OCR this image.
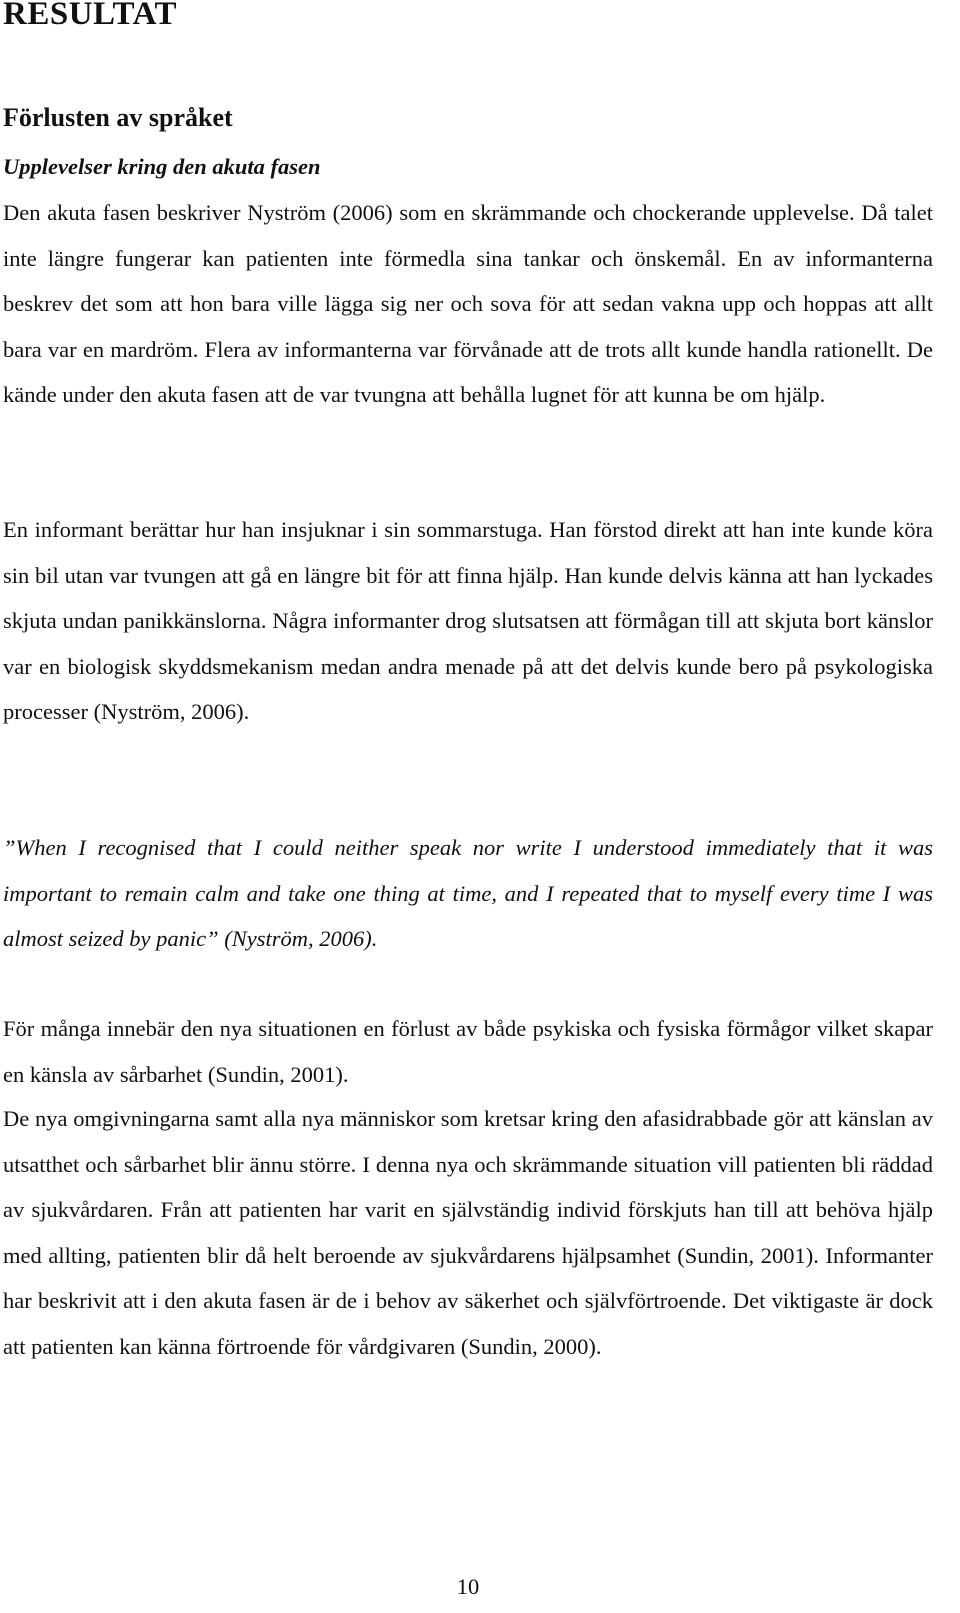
RESULTAT
Förlusten av språket
Upplevelser kring den akuta fasen

Den akuta fasen beskriver Nyström (2006) som en skrämmande och chockerande upplevelse. Då talet inte längre fungerar kan patienten inte förmedla sina tankar och önskemål. En av informanterna beskrev det som att hon bara ville lägga sig ner och sova för att sedan vakna upp och hoppas att allt bara var en mardröm. Flera av informanterna var förvånade att de trots allt kunde handla rationellt. De kände under den akuta fasen att de var tvungna att behålla lugnet för att kunna be om hjälp.

En informant berättar hur han insjuknar i sin sommarstuga. Han förstod direkt att han inte kunde köra sin bil utan var tvungen att gå en längre bit för att finna hjälp. Han kunde delvis känna att han lyckades skjuta undan panikkänslorna. Några informanter drog slutsatsen att förmågan till att skjuta bort känslor var en biologisk skyddsmekanism medan andra menade på att det delvis kunde bero på psykologiska processer (Nyström, 2006).

”When I recognised that I could neither speak nor write I understood immediately that it was important to remain calm and take one thing at time, and I repeated that to myself every time I was almost seized by panic” (Nyström, 2006).

För många innebär den nya situationen en förlust av både psykiska och fysiska förmågor vilket skapar en känsla av sårbarhet (Sundin, 2001).

De nya omgivningarna samt alla nya människor som kretsar kring den afasidrabbade gör att känslan av utsatthet och sårbarhet blir ännu större. I denna nya och skrämmande situation vill patienten bli räddad av sjukvårdaren. Från att patienten har varit en självständig individ förskjuts han till att behöva hjälp med allting, patienten blir då helt beroende av sjukvårdarens hjälpsamhet (Sundin, 2001). Informanter har beskrivit att i den akuta fasen är de i behov av säkerhet och självförtroende. Det viktigaste är dock att patienten kan känna förtroende för vårdgivaren (Sundin, 2000).

10
